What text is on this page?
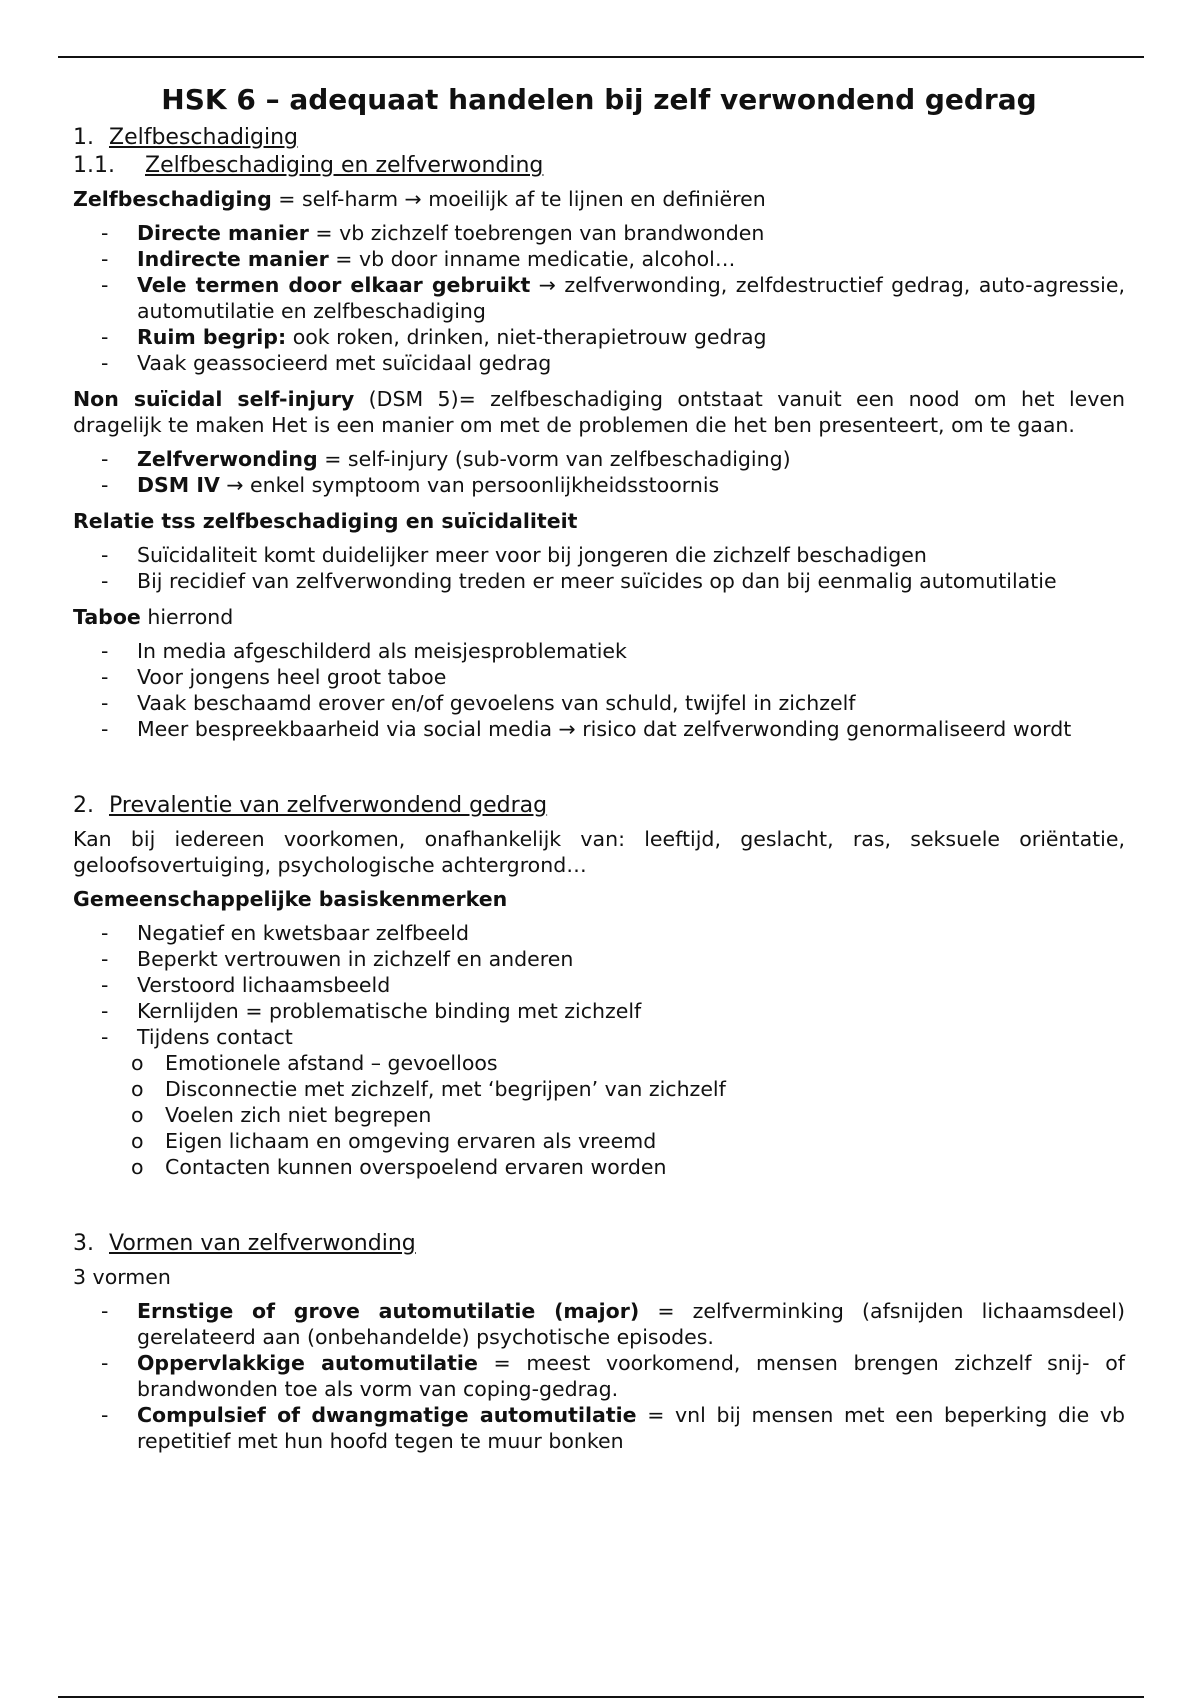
HSK 6 – adequaat handelen bij zelf verwondend gedrag
1. Zelfbeschadiging
1.1. Zelfbeschadiging en zelfverwonding

Zelfbeschadiging = self-harm → moeilijk af te lijnen en definiëren

- Directe manier = vb zichzelf toebrengen van brandwonden
- Indirecte manier = vb door inname medicatie, alcohol…
- Vele termen door elkaar gebruikt → zelfverwonding, zelfdestructief gedrag, auto-agressie, automutilatie en zelfbeschadiging
- Ruim begrip: ook roken, drinken, niet-therapietrouw gedrag
- Vaak geassocieerd met suïcidaal gedrag

Non suïcidal self-injury (DSM 5)= zelfbeschadiging ontstaat vanuit een nood om het leven dragelijk te maken Het is een manier om met de problemen die het ben presenteert, om te gaan.

- Zelfverwonding = self-injury (sub-vorm van zelfbeschadiging)
- DSM IV → enkel symptoom van persoonlijkheidsstoornis

Relatie tss zelfbeschadiging en suïcidaliteit

- Suïcidaliteit komt duidelijker meer voor bij jongeren die zichzelf beschadigen
- Bij recidief van zelfverwonding treden er meer suïcides op dan bij eenmalig automutilatie

Taboe hierrond

- In media afgeschilderd als meisjesproblematiek
- Voor jongens heel groot taboe
- Vaak beschaamd erover en/of gevoelens van schuld, twijfel in zichzelf
- Meer bespreekbaarheid via social media → risico dat zelfverwonding genormaliseerd wordt
2. Prevalentie van zelfverwondend gedrag

Kan bij iedereen voorkomen, onafhankelijk van: leeftijd, geslacht, ras, seksuele oriëntatie, geloofsovertuiging, psychologische achtergrond…

Gemeenschappelijke basiskenmerken

- Negatief en kwetsbaar zelfbeeld
- Beperkt vertrouwen in zichzelf en anderen
- Verstoord lichaamsbeeld
- Kernlijden = problematische binding met zichzelf
- Tijdens contact
o Emotionele afstand – gevoelloos
o Disconnectie met zichzelf, met ‘begrijpen’ van zichzelf
o Voelen zich niet begrepen
o Eigen lichaam en omgeving ervaren als vreemd
o Contacten kunnen overspoelend ervaren worden
3. Vormen van zelfverwonding

3 vormen

- Ernstige of grove automutilatie (major) = zelfverminking (afsnijden lichaamsdeel) gerelateerd aan (onbehandelde) psychotische episodes.
- Oppervlakkige automutilatie = meest voorkomend, mensen brengen zichzelf snij- of brandwonden toe als vorm van coping-gedrag.
- Compulsief of dwangmatige automutilatie = vnl bij mensen met een beperking die vb repetitief met hun hoofd tegen te muur bonken
